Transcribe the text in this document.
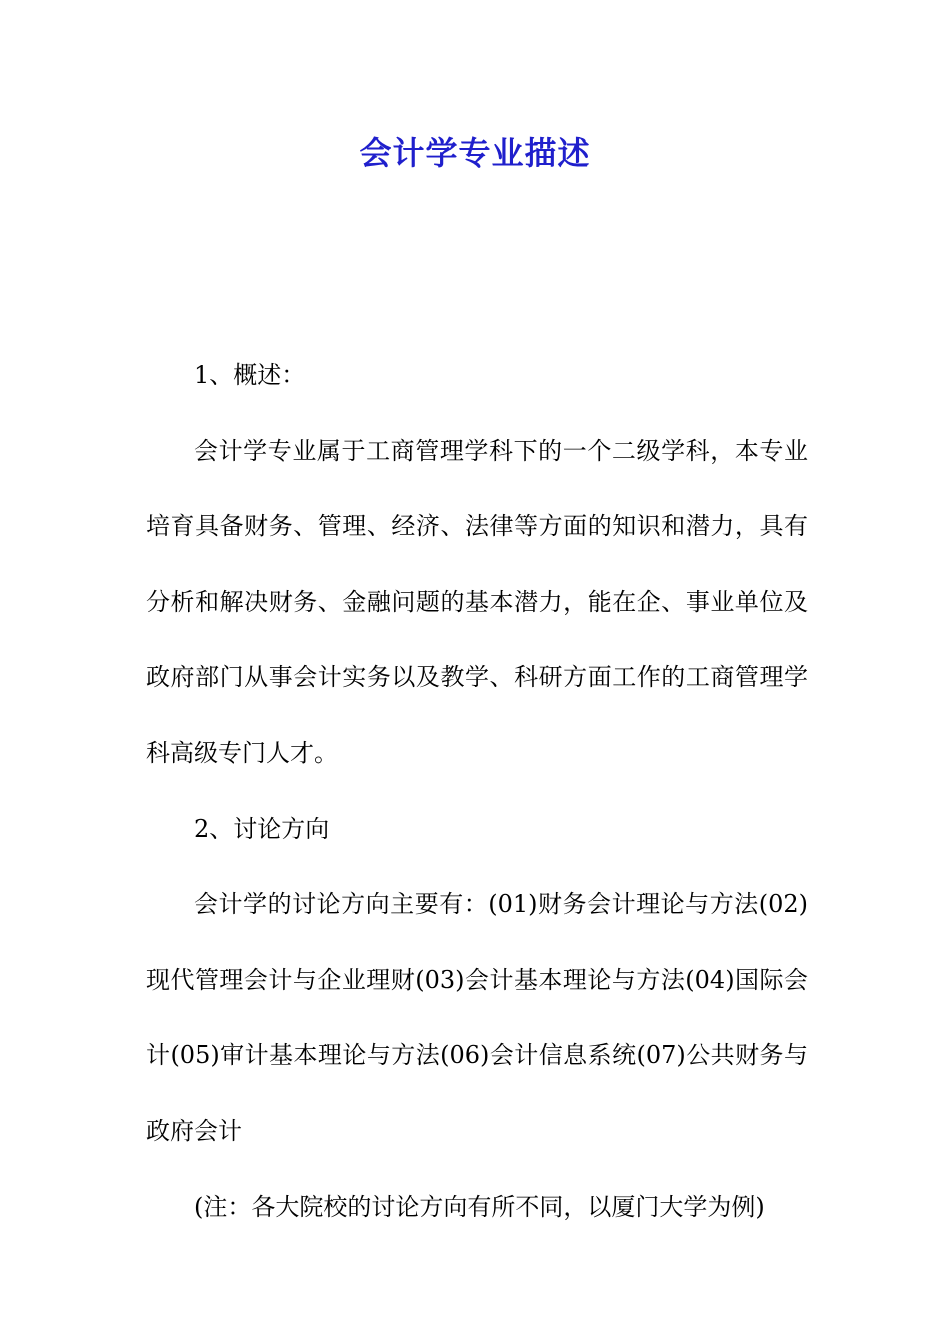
会计学专业描述

1、概述：

会计学专业属于工商管理学科下的一个二级学科，本专业培育具备财务、管理、经济、法律等方面的知识和潜力，具有分析和解决财务、金融问题的基本潜力，能在企、事业单位及政府部门从事会计实务以及教学、科研方面工作的工商管理学科高级专门人才。

2、讨论方向

会计学的讨论方向主要有：(01)财务会计理论与方法(02)现代管理会计与企业理财(03)会计基本理论与方法(04)国际会计(05)审计基本理论与方法(06)会计信息系统(07)公共财务与政府会计

(注：各大院校的讨论方向有所不同，以厦门大学为例)
